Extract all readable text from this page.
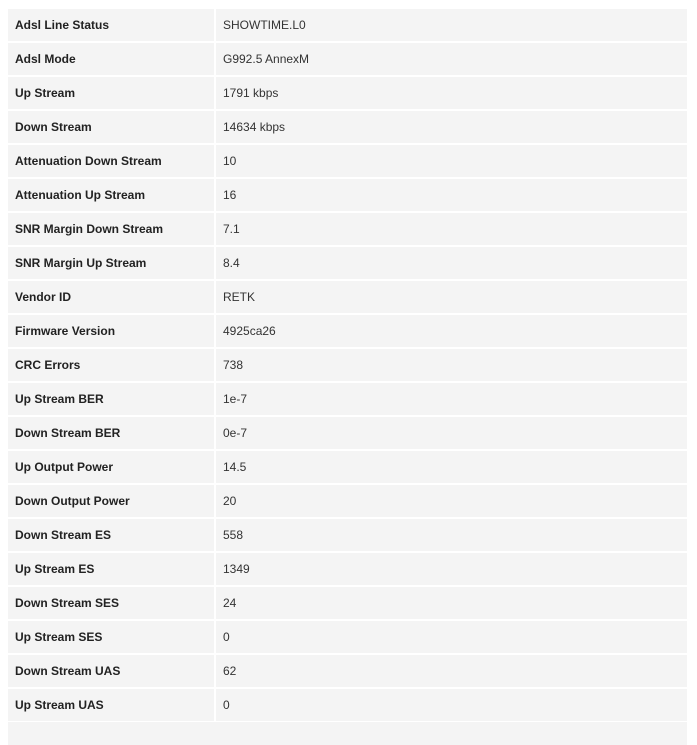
Adsl Line Status	SHOWTIME.L0
Adsl Mode	G992.5 AnnexM
Up Stream	1791 kbps
Down Stream	14634 kbps
Attenuation Down Stream	10
Attenuation Up Stream	16
SNR Margin Down Stream	7.1
SNR Margin Up Stream	8.4
Vendor ID	RETK
Firmware Version	4925ca26
CRC Errors	738
Up Stream BER	1e-7
Down Stream BER	0e-7
Up Output Power	14.5
Down Output Power	20
Down Stream ES	558
Up Stream ES	1349
Down Stream SES	24
Up Stream SES	0
Down Stream UAS	62
Up Stream UAS	0
